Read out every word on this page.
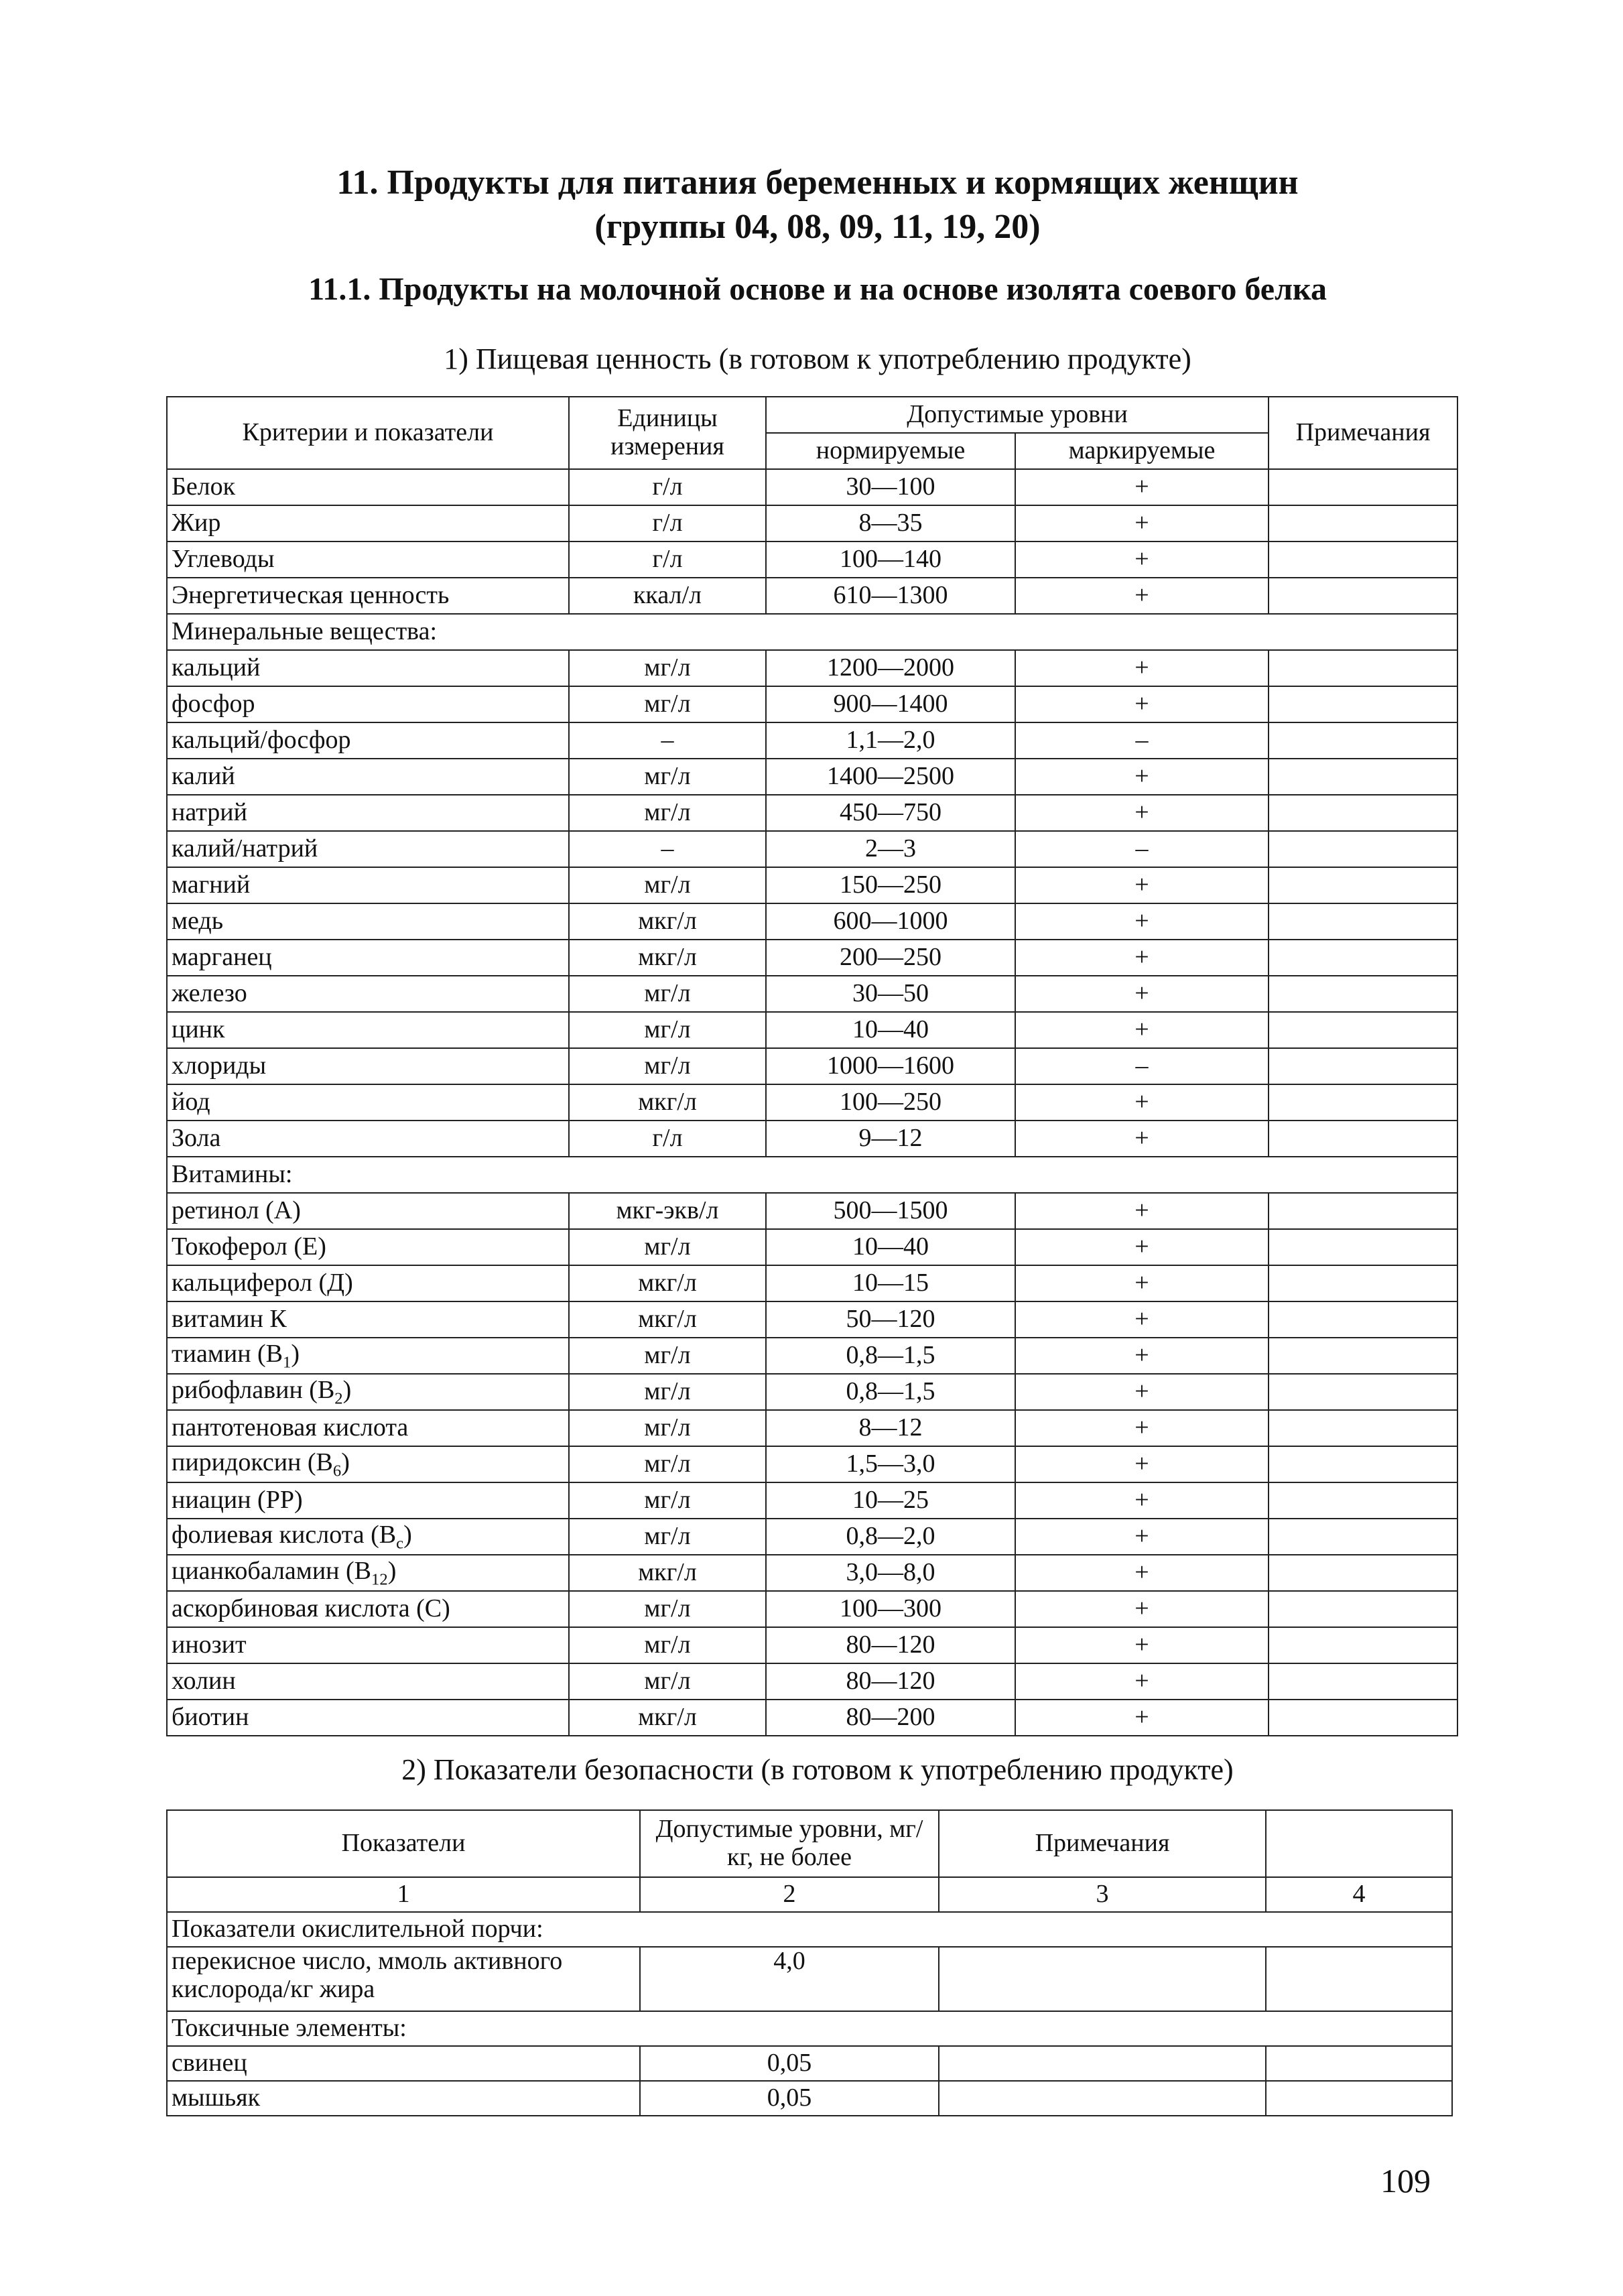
11. Продукты для питания беременных и кормящих женщин
(группы 04, 08, 09, 11, 19, 20)
11.1. Продукты на молочной основе и на основе изолята соевого белка
1) Пищевая ценность (в готовом к употреблению продукте)
Критерии и показатели	Единицы измерения	Допустимые уровни		Примечания
		нормируемые	маркируемые	
Белок	г/л	30—100	+	
Жир	г/л	8—35	+	
Углеводы	г/л	100—140	+	
Энергетическая ценность	ккал/л	610—1300	+	
Минеральные вещества:				
кальций	мг/л	1200—2000	+	
фосфор	мг/л	900—1400	+	
кальций/фосфор	–	1,1—2,0	–	
калий	мг/л	1400—2500	+	
натрий	мг/л	450—750	+	
калий/натрий	–	2—3	–	
магний	мг/л	150—250	+	
медь	мкг/л	600—1000	+	
марганец	мкг/л	200—250	+	
железо	мг/л	30—50	+	
цинк	мг/л	10—40	+	
хлориды	мг/л	1000—1600	–	
йод	мкг/л	100—250	+	
Зола	г/л	9—12	+	
Витамины:				
ретинол (А)	мкг-экв/л	500—1500	+	
Токоферол (Е)	мг/л	10—40	+	
кальциферол (Д)	мкг/л	10—15	+	
витамин К	мкг/л	50—120	+	
тиамин $(B_1)$	мг/л	0,8—1,5	+	
рибофлавин $(B_2)$	мг/л	0,8—1,5	+	
пантотеновая кислота	мг/л	8—12	+	
пиридоксин $(B_6)$	мг/л	1,5—3,0	+	
ниацин (РР)	мг/л	10—25	+	
фолиевая кислота $(B_c)$	мг/л	0,8—2,0	+	
цианкобаламин $(B_{12})$	мкг/л	3,0—8,0	+	
аскорбиновая кислота (С)	мг/л	100—300	+	
инозит	мг/л	80—120	+	
холин	мг/л	80—120	+	
биотин	мкг/л	80—200	+	
2) Показатели безопасности (в готовом к употреблению продукте)
Показатели	Допустимые уровни, мг/кг, не более	Примечания	
1	2	3	4
Показатели окислительной порчи:			
перекисное число, ммоль активного кислорода/кг жира	4,0		
Токсичные элементы:			
свинец	0,05		
мышьяк	0,05		
109
